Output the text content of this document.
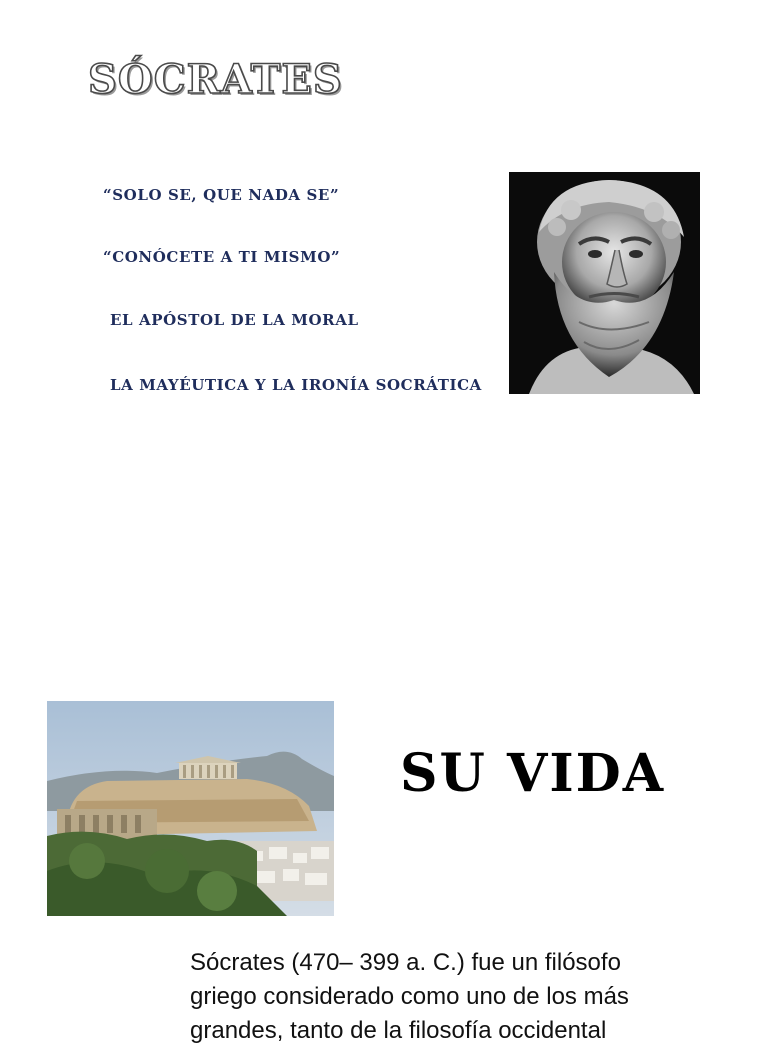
SÓCRATES

“SOLO SE, QUE NADA SE”

“CONÓCETE A TI MISMO”

EL APÓSTOL DE LA MORAL

LA MAYÉUTICA Y LA IRONÍA SOCRÁTICA

SU VIDA

Sócrates (470– 399 a. C.) fue un filósofo griego considerado como uno de los más grandes, tanto de la filosofía occidental
